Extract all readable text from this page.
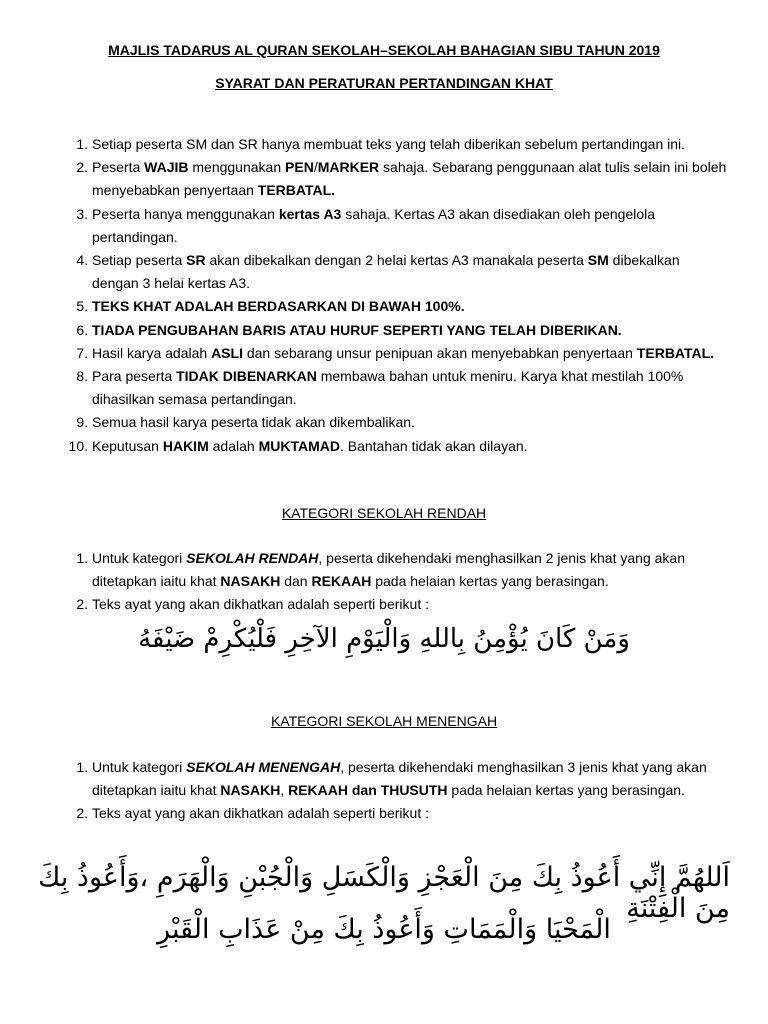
MAJLIS TADARUS AL QURAN SEKOLAH–SEKOLAH BAHAGIAN SIBU TAHUN 2019

SYARAT DAN PERATURAN PERTANDINGAN KHAT

1. Setiap peserta SM dan SR hanya membuat teks yang telah diberikan sebelum pertandingan ini.
2. Peserta WAJIB menggunakan PEN/MARKER sahaja. Sebarang penggunaan alat tulis selain ini boleh menyebabkan penyertaan TERBATAL.
3. Peserta hanya menggunakan kertas A3 sahaja. Kertas A3 akan disediakan oleh pengelola pertandingan.
4. Setiap peserta SR akan dibekalkan dengan 2 helai kertas A3 manakala peserta SM dibekalkan dengan 3 helai kertas A3.
5. TEKS KHAT ADALAH BERDASARKAN DI BAWAH 100%.
6. TIADA PENGUBAHAN BARIS ATAU HURUF SEPERTI YANG TELAH DIBERIKAN.
7. Hasil karya adalah ASLI dan sebarang unsur penipuan akan menyebabkan penyertaan TERBATAL.
8. Para peserta TIDAK DIBENARKAN membawa bahan untuk meniru. Karya khat mestilah 100% dihasilkan semasa pertandingan.
9. Semua hasil karya peserta tidak akan dikembalikan.
10. Keputusan HAKIM adalah MUKTAMAD. Bantahan tidak akan dilayan.

KATEGORI SEKOLAH RENDAH

1. Untuk kategori SEKOLAH RENDAH, peserta dikehendaki menghasilkan 2 jenis khat yang akan ditetapkan iaitu khat NASAKH dan REKAAH pada helaian kertas yang berasingan.
2. Teks ayat yang akan dikhatkan adalah seperti berikut :
وَمَنْ كَانَ يُؤْمِنُ بِاللهِ وَالْيَوْمِ الآخِرِ فَلْيُكْرِمْ ضَيْفَهُ

KATEGORI SEKOLAH MENENGAH

1. Untuk kategori SEKOLAH MENENGAH, peserta dikehendaki menghasilkan 3 jenis khat yang akan ditetapkan iaitu khat NASAKH, REKAAH dan THUSUTH pada helaian kertas yang berasingan.
2. Teks ayat yang akan dikhatkan adalah seperti berikut :
اَللهُمَّ إِنِّي أَعُوذُ بِكَ مِنَ الْعَجْزِ وَالْكَسَلِ وَالْجُبْنِ وَالْهَرَمِ ،وَأَعُوذُ بِكَ مِنَ الْفِتْنَةِ
الْمَحْيَا وَالْمَمَاتِ وَأَعُوذُ بِكَ مِنْ عَذَابِ الْقَبْرِ
